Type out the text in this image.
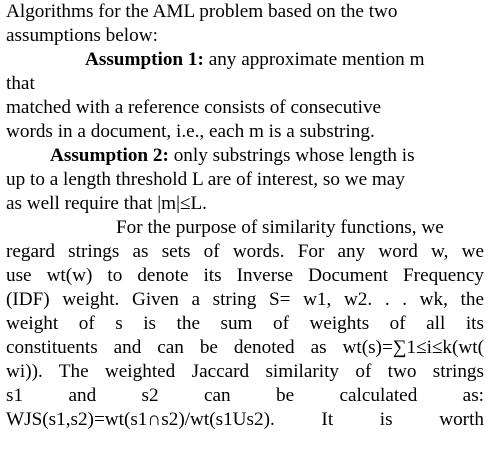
Algorithms for the AML problem based on the two
assumptions below:
Assumption 1: any approximate mention m
that
matched with a reference consists of consecutive
words in a document, i.e., each m is a substring.
Assumption 2: only substrings whose length is
up to a length threshold L are of interest, so we may
as well require that |m|≤L.
For the purpose of similarity functions, we
regard strings as sets of words. For any word w, we
use wt(w) to denote its Inverse Document Frequency
(IDF) weight. Given a string S= w1, w2. . . wk, the
weight of s is the sum of weights of all its
constituents and can be denoted as wt(s)=∑1≤i≤k(wt(
wi)). The weighted Jaccard similarity of two strings
s1 and s2 can be calculated as:
WJS(s1,s2)=wt(s1∩s2)/wt(s1Us2). It is worth
